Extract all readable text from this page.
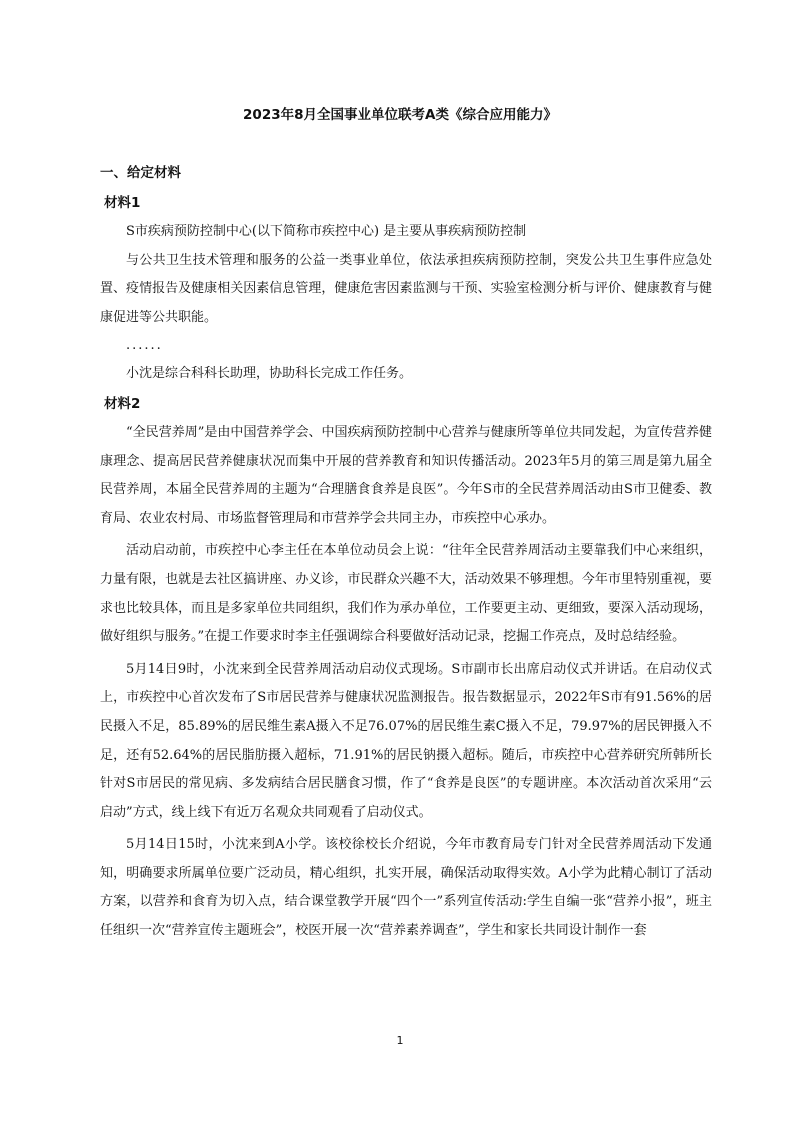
2023年8月全国事业单位联考A类《综合应用能力》
一、给定材料
材料1

S市疾病预防控制中心(以下简称市疾控中心) 是主要从事疾病预防控制

与公共卫生技术管理和服务的公益一类事业单位，依法承担疾病预防控制，突发公共卫生事件应急处置、疫情报告及健康相关因素信息管理，健康危害因素监测与干预、实验室检测分析与评价、健康教育与健康促进等公共职能。

......

小沈是综合科科长助理，协助科长完成工作任务。

材料2

“全民营养周”是由中国营养学会、中国疾病预防控制中心营养与健康所等单位共同发起，为宣传营养健康理念、提高居民营养健康状况而集中开展的营养教育和知识传播活动。2023年5月的第三周是第九届全民营养周，本届全民营养周的主题为“合理膳食食养是良医”。今年S市的全民营养周活动由S市卫健委、教育局、农业农村局、市场监督管理局和市营养学会共同主办，市疾控中心承办。

活动启动前，市疾控中心李主任在本单位动员会上说：“往年全民营养周活动主要靠我们中心来组织，力量有限，也就是去社区搞讲座、办义诊，市民群众兴趣不大，活动效果不够理想。今年市里特别重视，要求也比较具体，而且是多家单位共同组织，我们作为承办单位，工作要更主动、更细致，要深入活动现场，做好组织与服务。”在提工作要求时李主任强调综合科要做好活动记录，挖掘工作亮点，及时总结经验。

5月14日9时，小沈来到全民营养周活动启动仪式现场。S市副市长出席启动仪式并讲话。在启动仪式上，市疾控中心首次发布了S市居民营养与健康状况监测报告。报告数据显示，2022年S市有91.56%的居民摄入不足，85.89%的居民维生素A摄入不足76.07%的居民维生素C摄入不足，79.97%的居民钾摄入不足，还有52.64%的居民脂肪摄入超标，71.91%的居民钠摄入超标。随后，市疾控中心营养研究所韩所长针对S市居民的常见病、多发病结合居民膳食习惯，作了“食养是良医”的专题讲座。本次活动首次采用“云启动”方式，线上线下有近万名观众共同观看了启动仪式。

5月14日15时，小沈来到A小学。该校徐校长介绍说，今年市教育局专门针对全民营养周活动下发通知，明确要求所属单位要广泛动员，精心组织，扎实开展，确保活动取得实效。A小学为此精心制订了活动方案，以营养和食育为切入点，结合课堂教学开展“四个一”系列宣传活动:学生自编一张“营养小报”，班主任组织一次“营养宣传主题班会”，校医开展一次“营养素养调查”，学生和家长共同设计制作一套

1
